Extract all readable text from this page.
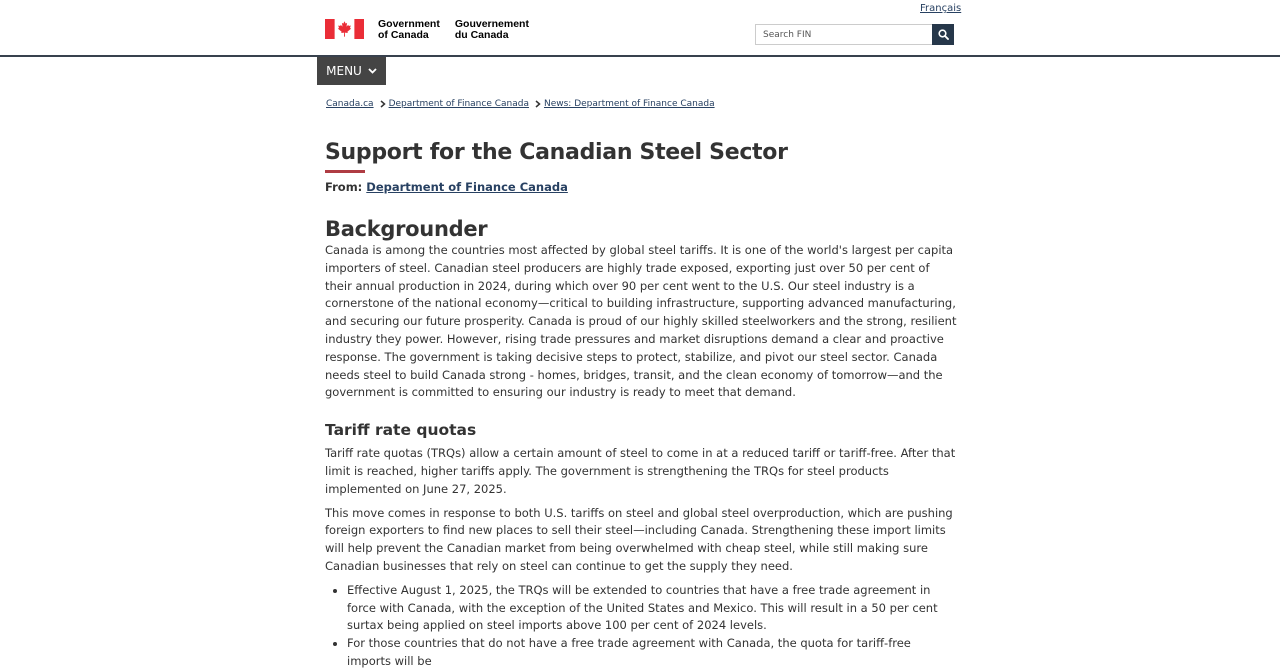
Français
Government
of Canada
Gouvernement
du Canada
Search FIN
MENU
Canada.ca Department of Finance Canada News: Department of Finance Canada
Support for the Canadian Steel Sector
From: Department of Finance Canada
Backgrounder

Canada is among the countries most affected by global steel tariffs. It is one of the world's largest per capita importers of steel. Canadian steel producers are highly trade exposed, exporting just over 50 per cent of their annual production in 2024, during which over 90 per cent went to the U.S. Our steel industry is a cornerstone of the national economy—critical to building infrastructure, supporting advanced manufacturing, and securing our future prosperity. Canada is proud of our highly skilled steelworkers and the strong, resilient industry they power. However, rising trade pressures and market disruptions demand a clear and proactive response. The government is taking decisive steps to protect, stabilize, and pivot our steel sector. Canada needs steel to build Canada strong - homes, bridges, transit, and the clean economy of tomorrow—and the government is committed to ensuring our industry is ready to meet that demand.

Tariff rate quotas

Tariff rate quotas (TRQs) allow a certain amount of steel to come in at a reduced tariff or tariff-free. After that limit is reached, higher tariffs apply. The government is strengthening the TRQs for steel products implemented on June 27, 2025.

This move comes in response to both U.S. tariffs on steel and global steel overproduction, which are pushing foreign exporters to find new places to sell their steel—including Canada. Strengthening these import limits will help prevent the Canadian market from being overwhelmed with cheap steel, while still making sure Canadian businesses that rely on steel can continue to get the supply they need.

• Effective August 1, 2025, the TRQs will be extended to countries that have a free trade agreement in force with Canada, with the exception of the United States and Mexico. This will result in a 50 per cent surtax being applied on steel imports above 100 per cent of 2024 levels.
• For those countries that do not have a free trade agreement with Canada, the quota for tariff-free imports will be
